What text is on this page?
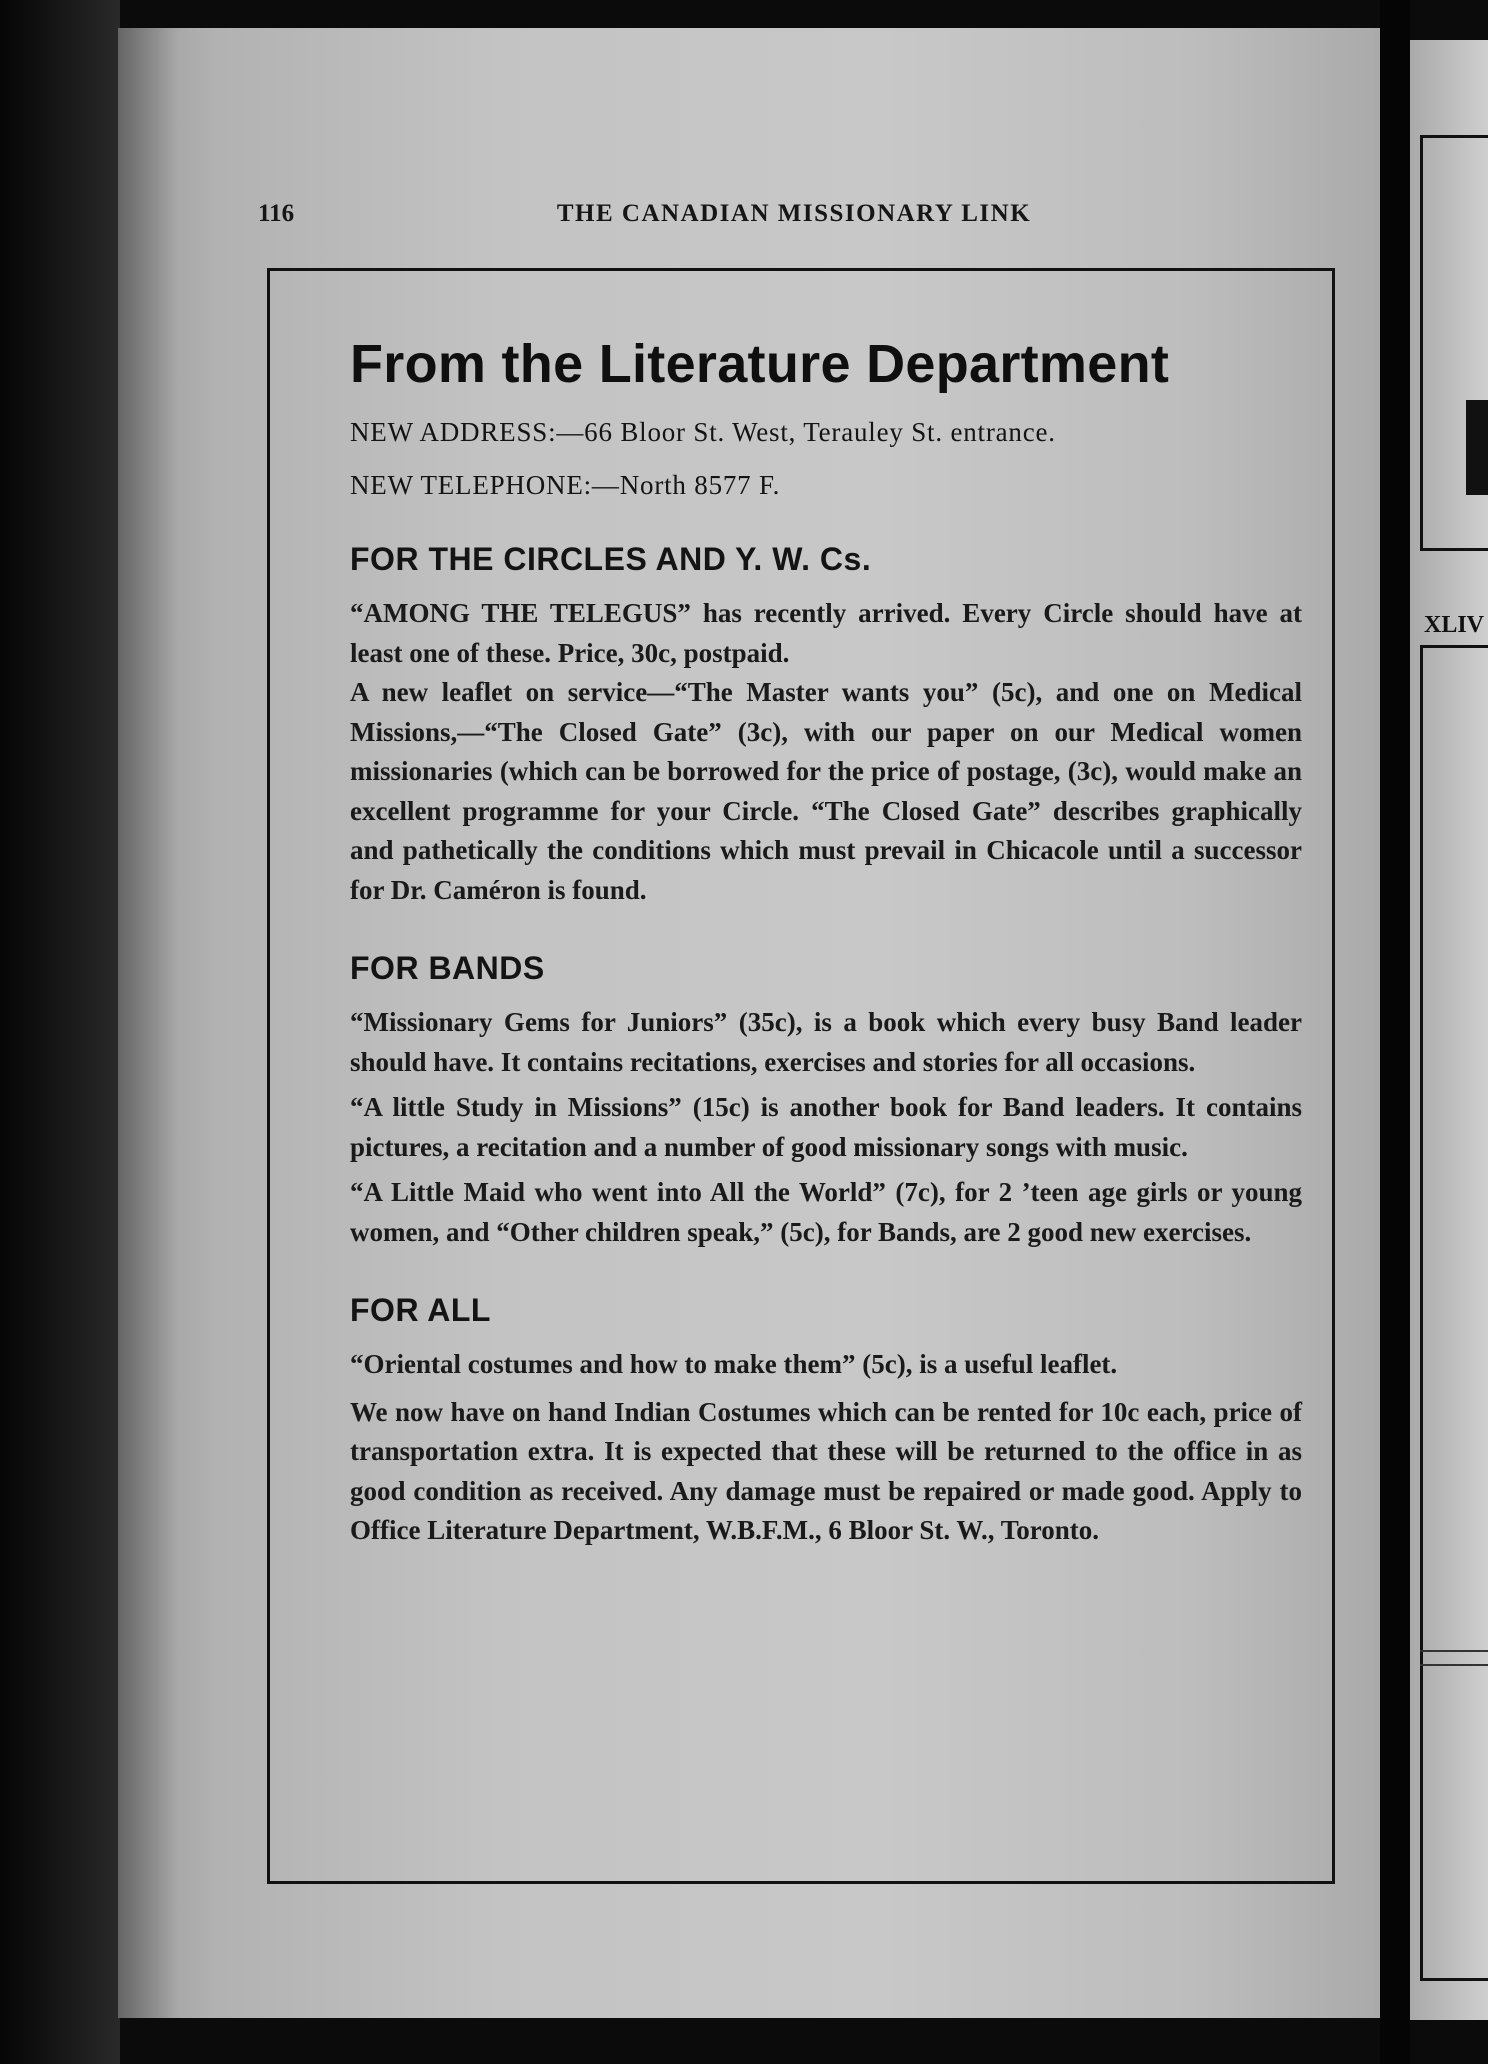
XLIV
116	THE CANADIAN MISSIONARY LINK
From the Literature Department

NEW ADDRESS:—66 Bloor St. West, Terauley St. entrance.

NEW TELEPHONE:—North 8577 F.

FOR THE CIRCLES AND Y. W. Cs.

“AMONG THE TELEGUS” has recently arrived. Every Circle should have at least one of these. Price, 30c, postpaid.

A new leaflet on service—“The Master wants you” (5c), and one on Medical Missions,—“The Closed Gate” (3c), with our paper on our Medical women missionaries (which can be borrowed for the price of postage, (3c), would make an excellent programme for your Circle. “The Closed Gate” describes graphically and pathetically the conditions which must prevail in Chicacole until a successor for Dr. Caméron is found.

FOR BANDS

“Missionary Gems for Juniors” (35c), is a book which every busy Band leader should have. It contains recitations, exercises and stories for all occasions.

“A little Study in Missions” (15c) is another book for Band leaders. It contains pictures, a recitation and a number of good missionary songs with music.

“A Little Maid who went into All the World” (7c), for 2 ’teen age girls or young women, and “Other children speak,” (5c), for Bands, are 2 good new exercises.

FOR ALL

“Oriental costumes and how to make them” (5c), is a useful leaflet.

We now have on hand Indian Costumes which can be rented for 10c each, price of transportation extra. It is expected that these will be returned to the office in as good condition as received. Any damage must be repaired or made good. Apply to Office Literature Department, W.B.F.M., 6 Bloor St. W., Toronto.
